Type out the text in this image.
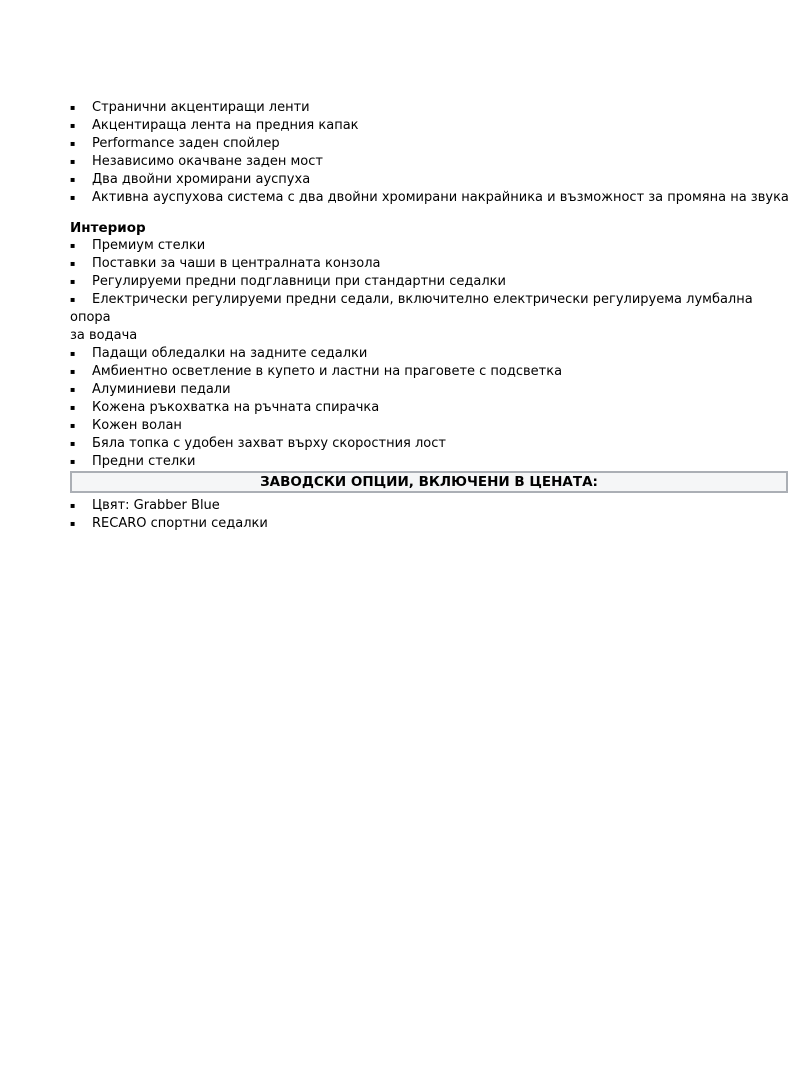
▪ Странични акцентиращи ленти
▪ Акцентираща лента на предния капак
▪ Performance заден спойлер
▪ Независимо окачване заден мост
▪ Два двойни хромирани ауспуха
▪ Активна ауспухова система с два двойни хромирани накрайника и възможност за промяна на звука
Интериор
▪ Премиум стелки
▪ Поставки за чаши в централната конзола
▪ Регулируеми предни подглавници при стандартни седалки
▪ Електрически регулируеми предни седали, включително електрически регулируема лумбална опора
за водача
▪ Падащи обледалки на задните седалки
▪ Амбиентно осветление в купето и ластни на праговете с подсветка
▪ Алуминиеви педали
▪ Кожена ръкохватка на ръчната спирачка
▪ Кожен волан
▪ Бяла топка с удобен захват върху скоростния лост
▪ Предни стелки
ЗАВОДСКИ ОПЦИИ, ВКЛЮЧЕНИ В ЦЕНАТА:
▪ Цвят: Grabber Blue
▪ RECARO спортни седалки
